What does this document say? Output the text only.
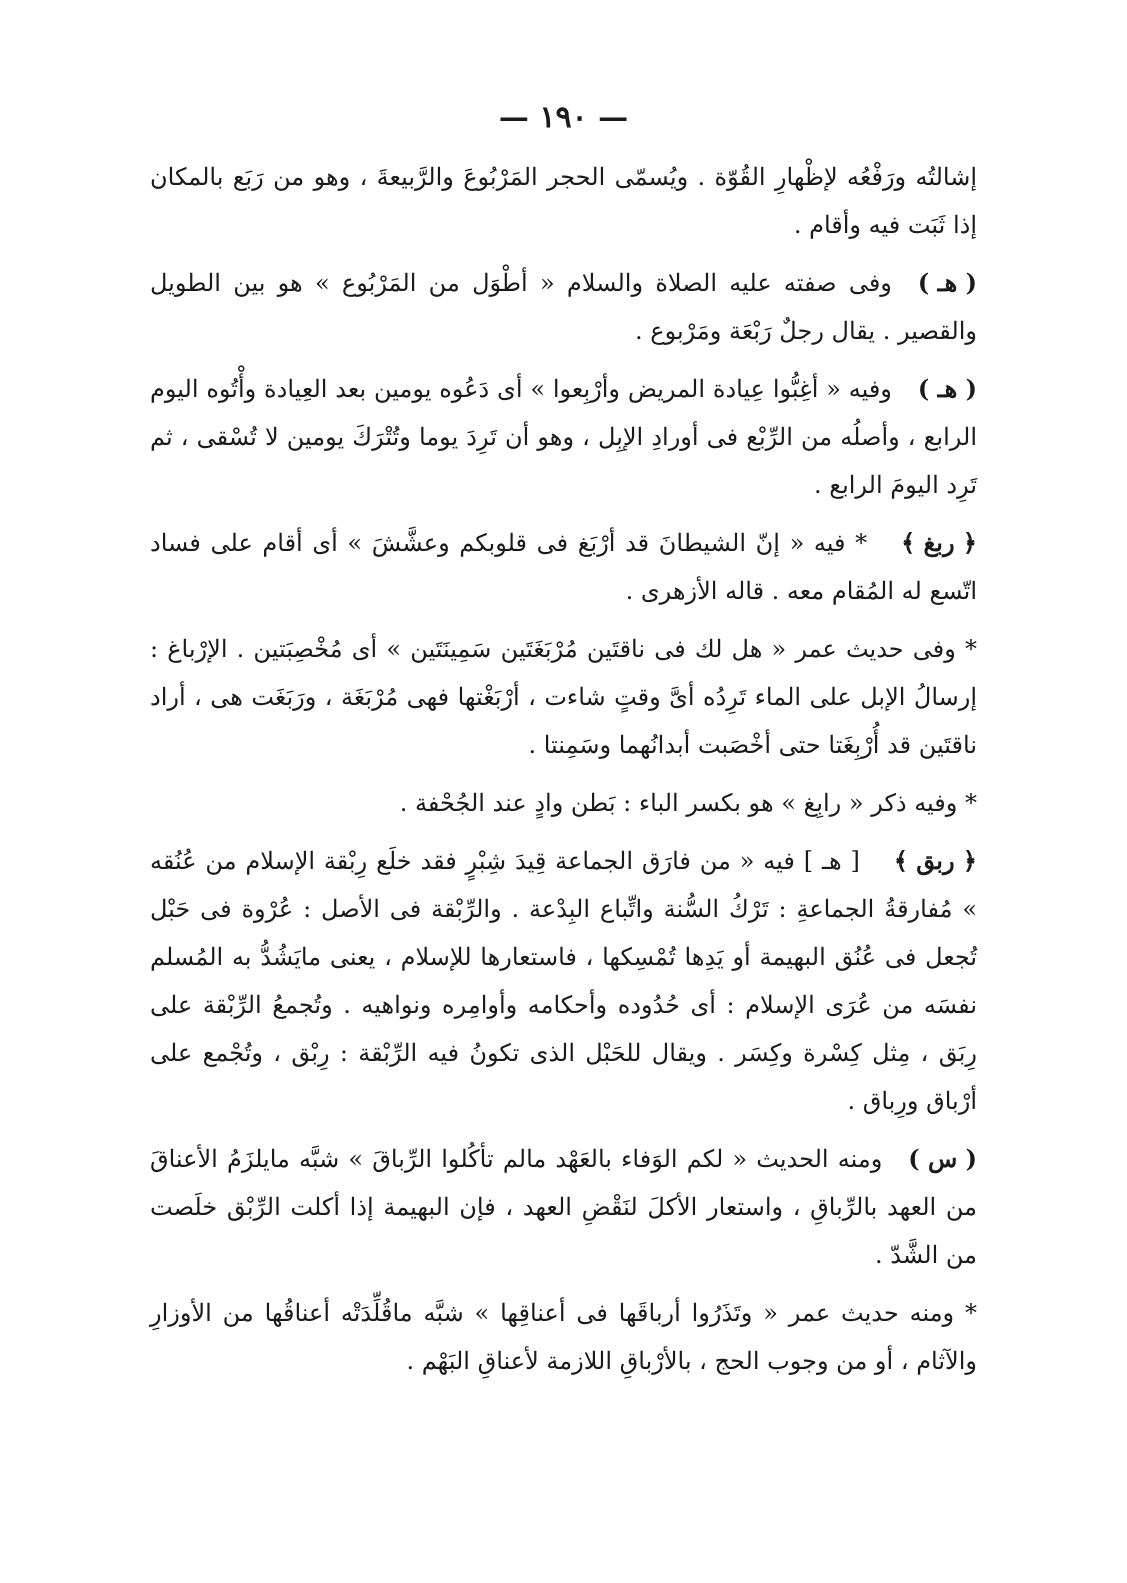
— ١٩٠ —

إشالتُه ورَفْعُه لإظْهارِ القُوّة . ويُسمّى الحجر المَرْبُوعَ والرَّبيعةَ ، وهو من رَبَع بالمكان إذا ثَبَت فيه وأقام .

( هـ )وفى صفته عليه الصلاة والسلام « أطْوَل من المَرْبُوع » هو بين الطويل والقصير . يقال رجلٌ رَبْعَة ومَرْبوع .

( هـ )وفيه « أغِبُّوا عِيادة المريض وأرْبِعوا » أى دَعُوه يومين بعد العِيادة وأْتُوه اليوم الرابع ، وأصلُه من الرِّبْع فى أورادِ الإبِل ، وهو أن تَرِدَ يوما وتُتْرَكَ يومين لا تُسْقى ، ثم تَرِد اليومَ الرابع .

﴿ ربغ ﴾* فيه « إنّ الشيطانَ قد أرْبَغ فى قلوبكم وعشَّشَ » أى أقام على فساد اتّسع له المُقام معه . قاله الأزهرى .

* وفى حديث عمر « هل لك فى ناقتَين مُرْبَغَتَين سَمِينَتَين » أى مُخْصِبَتين . الإرْباغ : إرسالُ الإبل على الماء تَرِدُه أىَّ وقتٍ شاءت ، أرْبَغْتها فهى مُرْبَغَة ، ورَبَغَت هى ، أراد ناقتَين قد أُرْبِغَتا حتى أخْصَبت أبدانُهما وسَمِنتا .

* وفيه ذكر « رابِغ » هو بكسر الباء : بَطن وادٍ عند الجُحْفة .

﴿ ربق ﴾[ هـ ] فيه « من فارَق الجماعة قِيدَ شِبْرٍ فقد خلَع رِبْقة الإسلام من عُنُقه » مُفارقةُ الجماعةِ : تَرْكُ السُّنة واتِّباع البِدْعة . والرِّبْقة فى الأصل : عُرْوة فى حَبْل تُجعل فى عُنُق البهيمة أو يَدِها تُمْسِكها ، فاستعارها للإسلام ، يعنى مايَشُدُّ به المُسلم نفسَه من عُرَى الإسلام : أى حُدُوده وأحكامه وأوامِره ونواهيه . وتُجمعُ الرِّبْقة على رِبَق ، مِثل كِسْرة وكِسَر . ويقال للحَبْل الذى تكونُ فيه الرِّبْقة : رِبْق ، وتُجْمع على أرْباق ورِباق .

( س )ومنه الحديث « لكم الوَفاء بالعَهْد مالم تأكُلوا الرِّباقَ » شبَّه مايلزَمُ الأعناقَ من العهد بالرِّباقِ ، واستعار الأكلَ لنَقْضِ العهد ، فإن البهيمة إذا أكلت الرِّبْق خلَصت من الشَّدّ .

* ومنه حديث عمر « وتَذَرُوا أرباقَها فى أعناقِها » شبَّه ماقُلِّدَتْه أعناقُها من الأوزارِ والآثام ، أو من وجوب الحج ، بالأرْباقِ اللازمة لأعناقِ البَهْم .
